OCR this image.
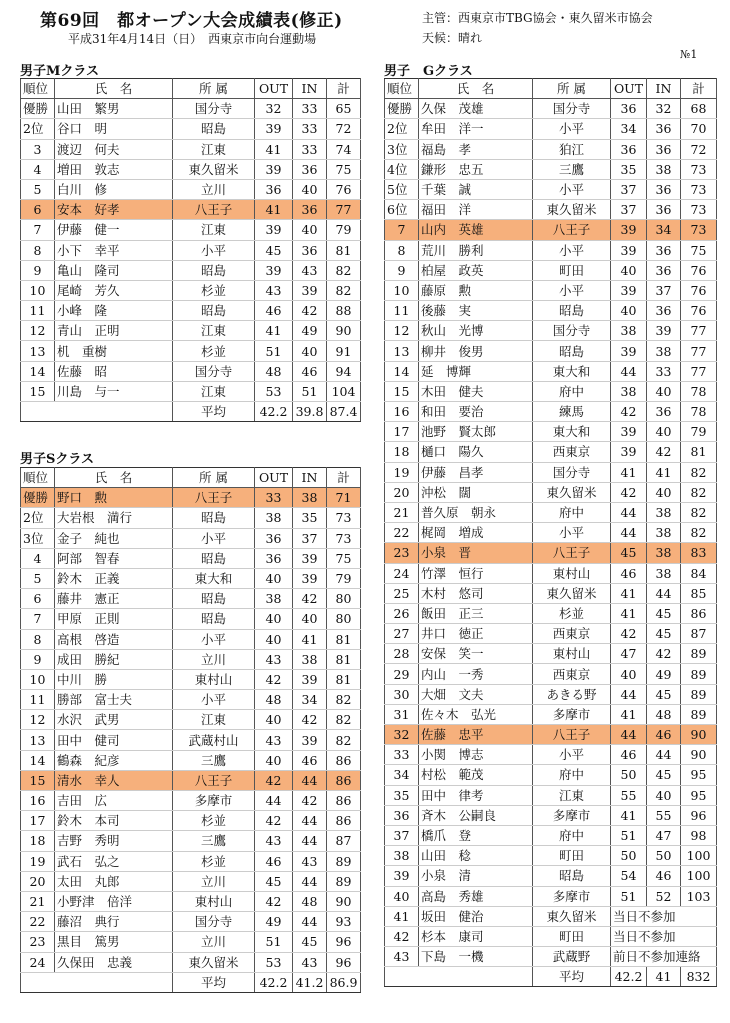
第69回　都オープン大会成績表(修正)
平成31年4月14日（日）　西東京市向台運動場
主管：西東京市TBG協会・東久留米市協会
天候：晴れ
№1
男子Mクラス
順位	氏　名	所 属	OUT	IN	計
優勝	山田　繁男	国分寺	32	33	65
2位	谷口　明	昭島	39	33	72
3	渡辺　何夫	江東	41	33	74
4	増田　敦志	東久留米	39	36	75
5	白川　修	立川	36	40	76
6	安本　好孝	八王子	41	36	77
7	伊藤　健一	江東	39	40	79
8	小下　幸平	小平	45	36	81
9	亀山　隆司	昭島	39	43	82
10	尾崎　芳久	杉並	43	39	82
11	小峰　隆	昭島	46	42	88
12	青山　正明	江東	41	49	90
13	机　重樹	杉並	51	40	91
14	佐藤　昭	国分寺	48	46	94
15	川島　与一	江東	53	51	104
		平均	42.2	39.8	87.4
男子Sクラス
順位	氏　名	所 属	OUT	IN	計
優勝	野口　勲	八王子	33	38	71
2位	大岩根　満行	昭島	38	35	73
3位	金子　純也	小平	36	37	73
4	阿部　智春	昭島	36	39	75
5	鈴木　正義	東大和	40	39	79
6	藤井　憲正	昭島	38	42	80
7	甲原　正則	昭島	40	40	80
8	高根　啓造	小平	40	41	81
9	成田　勝紀	立川	43	38	81
10	中川　勝	東村山	42	39	81
11	勝部　富士夫	小平	48	34	82
12	水沢　武男	江東	40	42	82
13	田中　健司	武蔵村山	43	39	82
14	鶴森　紀彦	三鷹	40	46	86
15	清水　幸人	八王子	42	44	86
16	吉田　広	多摩市	44	42	86
17	鈴木　本司	杉並	42	44	86
18	吉野　秀明	三鷹	43	44	87
19	武石　弘之	杉並	46	43	89
20	太田　丸郎	立川	45	44	89
21	小野津　倍洋	東村山	42	48	90
22	藤沼　典行	国分寺	49	44	93
23	黒目　篤男	立川	51	45	96
24	久保田　忠義	東久留米	53	43	96
		平均	42.2	41.2	86.9
男子　Gクラス
順位	氏　名	所 属	OUT	IN	計
優勝	久保　茂雄	国分寺	36	32	68
2位	牟田　洋一	小平	34	36	70
3位	福島　孝	狛江	36	36	72
4位	鎌形　忠五	三鷹	35	38	73
5位	千葉　誠	小平	37	36	73
6位	福田　洋	東久留米	37	36	73
7	山内　英雄	八王子	39	34	73
8	荒川　勝利	小平	39	36	75
9	柏屋　政英	町田	40	36	76
10	藤原　勲	小平	39	37	76
11	後藤　実	昭島	40	36	76
12	秋山　光博	国分寺	38	39	77
13	柳井　俊男	昭島	39	38	77
14	延　博輝	東大和	44	33	77
15	木田　健夫	府中	38	40	78
16	和田　要治	練馬	42	36	78
17	池野　賢太郎	東大和	39	40	79
18	樋口　陽久	西東京	39	42	81
19	伊藤　昌孝	国分寺	41	41	82
20	沖松　闊	東久留米	42	40	82
21	普久原　朝永	府中	44	38	82
22	梶岡　増成	小平	44	38	82
23	小泉　晋	八王子	45	38	83
24	竹澤　恒行	東村山	46	38	84
25	木村　悠司	東久留米	41	44	85
26	飯田　正三	杉並	41	45	86
27	井口　徳正	西東京	42	45	87
28	安保　笑一	東村山	47	42	89
29	内山　一秀	西東京	40	49	89
30	大畑　文夫	あきる野	44	45	89
31	佐々木　弘光	多摩市	41	48	89
32	佐藤　忠平	八王子	44	46	90
33	小関　博志	小平	46	44	90
34	村松　範茂	府中	50	45	95
35	田中　律考	江東	55	40	95
36	斉木　公嗣良	多摩市	41	55	96
37	橋爪　登	府中	51	47	98
38	山田　稔	町田	50	50	100
39	小泉　清	昭島	54	46	100
40	高島　秀雄	多摩市	51	52	103
41	坂田　健治	東久留米	当日不参加		
42	杉本　康司	町田	当日不参加		
43	下島　一機	武蔵野	前日不参加連絡		
		平均	42.2	41	832
